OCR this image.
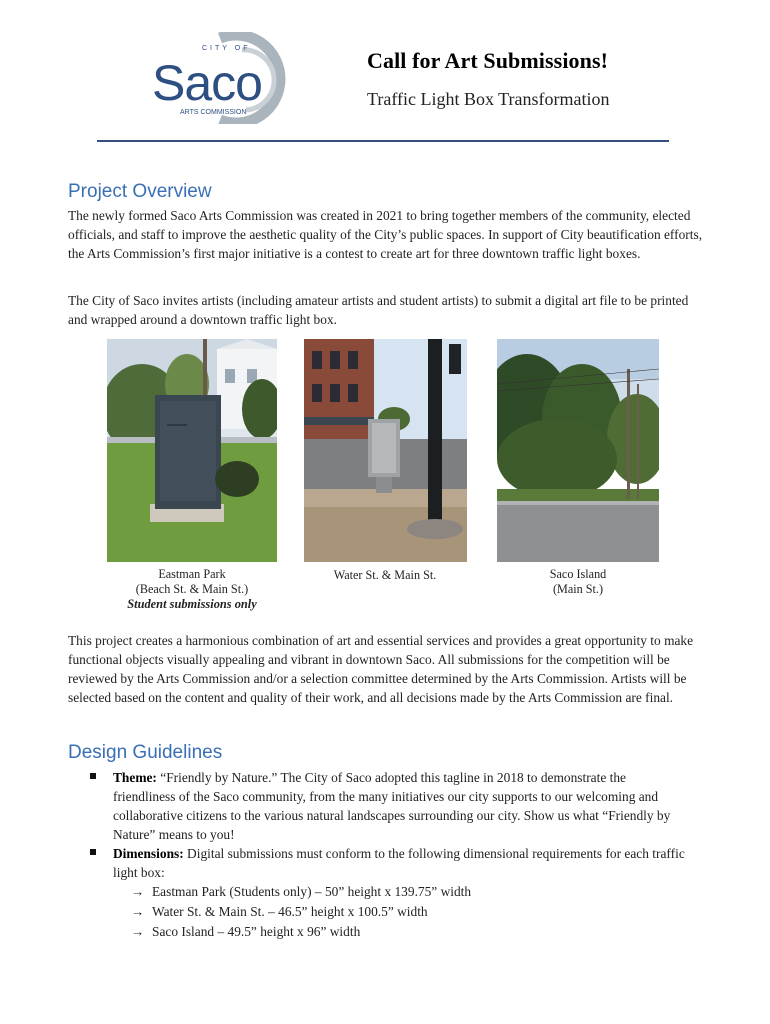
CITY OF
Saco
ARTS COMMISSION
Call for Art Submissions!
Traffic Light Box Transformation
Project Overview

The newly formed Saco Arts Commission was created in 2021 to bring together members of the community, elected officials, and staff to improve the aesthetic quality of the City’s public spaces. In support of City beautification efforts, the Arts Commission’s first major initiative is a contest to create art for three downtown traffic light boxes.

The City of Saco invites artists (including amateur artists and student artists) to submit a digital art file to be printed and wrapped around a downtown traffic light box.

Eastman Park
(Beach St. & Main St.)
Student submissions only
Water St. & Main St.	Saco Island
(Main St.)

This project creates a harmonious combination of art and essential services and provides a great opportunity to make functional objects visually appealing and vibrant in downtown Saco. All submissions for the competition will be reviewed by the Arts Commission and/or a selection committee determined by the Arts Commission. Artists will be selected based on the content and quality of their work, and all decisions made by the Arts Commission are final.

Design Guidelines
Theme: “Friendly by Nature.” The City of Saco adopted this tagline in 2018 to demonstrate the friendliness of the Saco community, from the many initiatives our city supports to our welcoming and collaborative citizens to the various natural landscapes surrounding our city. Show us what “Friendly by Nature” means to you!
Dimensions: Digital submissions must conform to the following dimensional requirements for each traffic light box:
→ Eastman Park (Students only) – 50” height x 139.75” width
→ Water St. & Main St. – 46.5” height x 100.5” width
→ Saco Island – 49.5” height x 96” width
